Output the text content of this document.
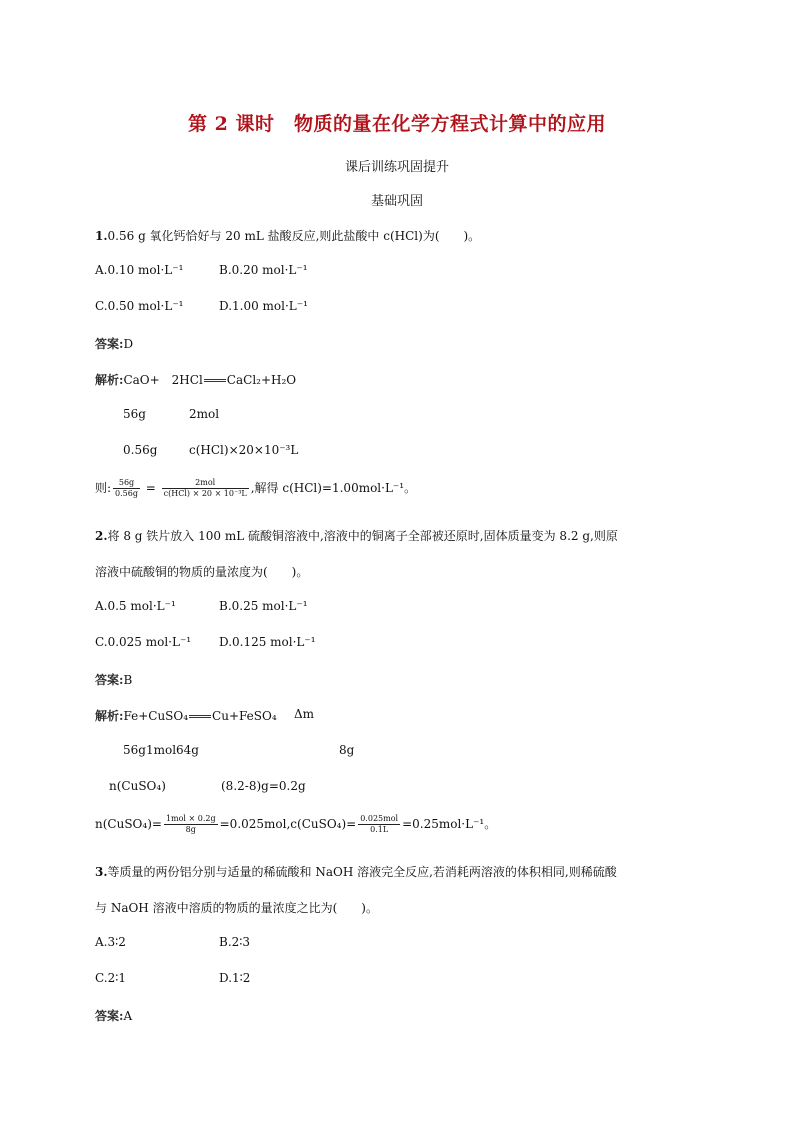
第 2 课时　物质的量在化学方程式计算中的应用
课后训练巩固提升
基础巩固
1.0.56 g 氧化钙恰好与 20 mL 盐酸反应,则此盐酸中 c(HCl)为(　　)。
A.0.10 mol·L⁻¹	B.0.20 mol·L⁻¹
C.0.50 mol·L⁻¹	D.1.00 mol·L⁻¹
答案:D
解析:CaO+　2HCl CaCl₂+H₂O
56g	2mol
0.56g	c(HCl)×20×10⁻³L
则: $\frac{56g}{0.56g} = \frac{\text{2mol}}{\text{c(HCl) × 20 × 10⁻³L}}$ ,解得 c(HCl)=1.00mol·L⁻¹。
2.将 8 g 铁片放入 100 mL 硫酸铜溶液中,溶液中的铜离子全部被还原时,固体质量变为 8.2 g,则原
溶液中硫酸铜的物质的量浓度为(　　)。
A.0.5 mol·L⁻¹	B.0.25 mol·L⁻¹
C.0.025 mol·L⁻¹ D.0.125 mol·L⁻¹
答案:B
解析:Fe+CuSO₄ Cu+FeSO₄ Δm
56g1mol64g	8g
n(CuSO₄)	(8.2-8)g=0.2g
n(CuSO₄)= $\frac{\text{1mol × 0.2g}}{8g}$ =0.025mol,c(CuSO₄)= $\frac{\text{0.025mol}}{0.1L} =0.25mol\cdot L^{-1}$。
3.等质量的两份铝分别与适量的稀硫酸和 NaOH 溶液完全反应,若消耗两溶液的体积相同,则稀硫酸
与 NaOH 溶液中溶质的物质的量浓度之比为(　　)。
A.3∶2	B.2∶3
C.2∶1	D.1∶2
答案:A
